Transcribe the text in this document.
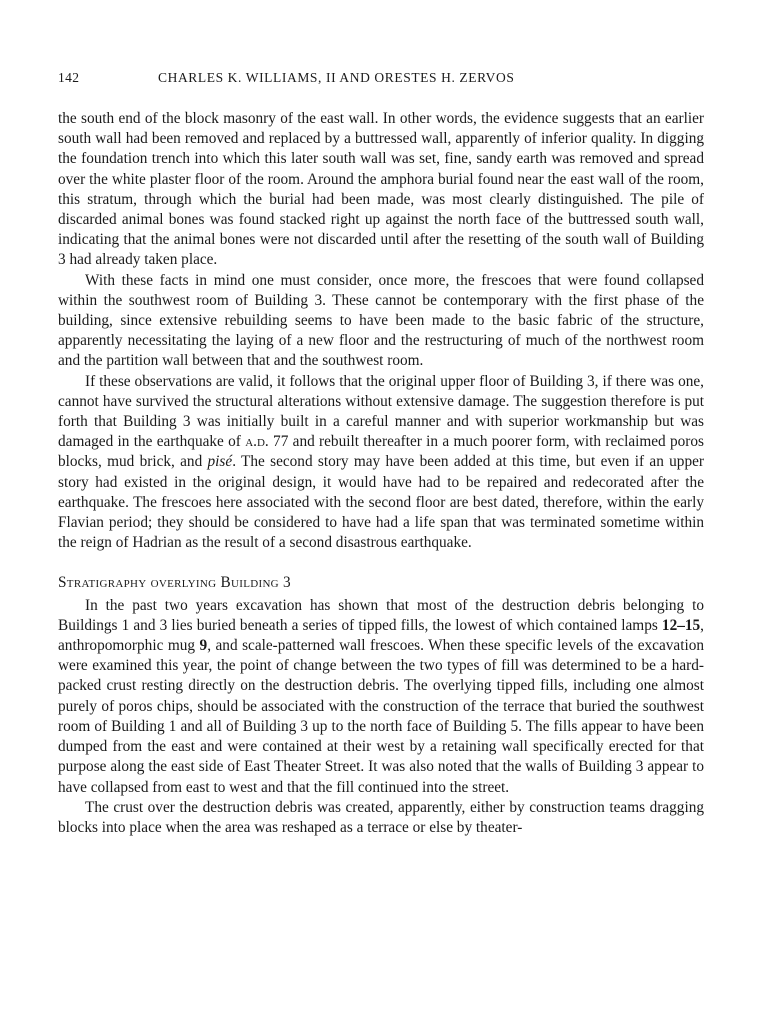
142	CHARLES K. WILLIAMS, II AND ORESTES H. ZERVOS

the south end of the block masonry of the east wall. In other words, the evidence suggests that an earlier south wall had been removed and replaced by a buttressed wall, apparently of inferior quality. In digging the foundation trench into which this later south wall was set, fine, sandy earth was removed and spread over the white plaster floor of the room. Around the amphora burial found near the east wall of the room, this stratum, through which the burial had been made, was most clearly distinguished. The pile of discarded animal bones was found stacked right up against the north face of the buttressed south wall, indicating that the animal bones were not discarded until after the resetting of the south wall of Building 3 had already taken place.

With these facts in mind one must consider, once more, the frescoes that were found collapsed within the southwest room of Building 3. These cannot be contemporary with the first phase of the building, since extensive rebuilding seems to have been made to the basic fabric of the structure, apparently necessitating the laying of a new floor and the restructuring of much of the northwest room and the partition wall between that and the southwest room.

If these observations are valid, it follows that the original upper floor of Building 3, if there was one, cannot have survived the structural alterations without extensive damage. The suggestion therefore is put forth that Building 3 was initially built in a careful manner and with superior workmanship but was damaged in the earthquake of a.d. 77 and rebuilt thereafter in a much poorer form, with reclaimed poros blocks, mud brick, and pisé. The second story may have been added at this time, but even if an upper story had existed in the original design, it would have had to be repaired and redecorated after the earthquake. The frescoes here associated with the second floor are best dated, therefore, within the early Flavian period; they should be considered to have had a life span that was terminated sometime within the reign of Hadrian as the result of a second disastrous earthquake.

Stratigraphy overlying Building 3

In the past two years excavation has shown that most of the destruction debris belonging to Buildings 1 and 3 lies buried beneath a series of tipped fills, the lowest of which contained lamps 12–15, anthropomorphic mug 9, and scale-patterned wall frescoes. When these specific levels of the excavation were examined this year, the point of change between the two types of fill was determined to be a hard-packed crust resting directly on the destruction debris. The overlying tipped fills, including one almost purely of poros chips, should be associated with the construction of the terrace that buried the southwest room of Building 1 and all of Building 3 up to the north face of Building 5. The fills appear to have been dumped from the east and were contained at their west by a retaining wall specifically erected for that purpose along the east side of East Theater Street. It was also noted that the walls of Building 3 appear to have collapsed from east to west and that the fill continued into the street.

The crust over the destruction debris was created, apparently, either by construction teams dragging blocks into place when the area was reshaped as a terrace or else by theater-
